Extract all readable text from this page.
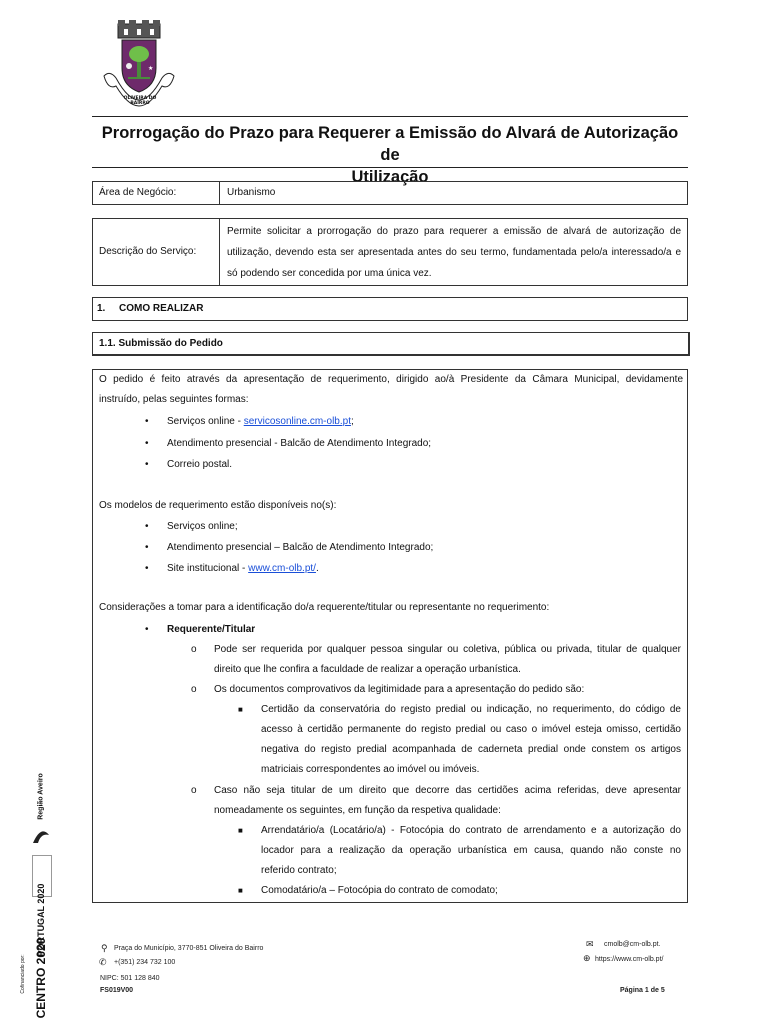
★
OLIVEIRA DO BAIRRO
Prorrogação do Prazo para Requerer a Emissão do Alvará de Autorização de
Utilização
Área de Negócio:	Urbanismo
Descrição do Serviço:
Permite solicitar a prorrogação do prazo para requerer a emissão de alvará de autorização de utilização, devendo esta ser apresentada antes do seu termo, fundamentada pelo/a interessado/a e só podendo ser concedida por uma única vez.
1. COMO REALIZAR
1.1. Submissão do Pedido
O pedido é feito através da apresentação de requerimento, dirigido ao/à Presidente da Câmara Municipal, devidamente
instruído, pelas seguintes formas:
• Serviços online - servicosonline.cm-olb.pt;
• Atendimento presencial - Balcão de Atendimento Integrado;
• Correio postal.
Os modelos de requerimento estão disponíveis no(s):
• Serviços online;
• Atendimento presencial – Balcão de Atendimento Integrado;
• Site institucional - www.cm-olb.pt/.
Considerações a tomar para a identificação do/a requerente/titular ou representante no requerimento:
• Requerente/Titular
o Pode ser requerida por qualquer pessoa singular ou coletiva, pública ou privada, titular de qualquer
direito que lhe confira a faculdade de realizar a operação urbanística.
o Os documentos comprovativos da legitimidade para a apresentação do pedido são:
■ Certidão da conservatória do registo predial ou indicação, no requerimento, do código de
acesso à certidão permanente do registo predial ou caso o imóvel esteja omisso, certidão
negativa do registo predial acompanhada de caderneta predial onde constem os artigos
matriciais correspondentes ao imóvel ou imóveis.
o Caso não seja titular de um direito que decorre das certidões acima referidas, deve apresentar
nomeadamente os seguintes, em função da respetiva qualidade:
■ Arrendatário/a (Locatário/a) - Fotocópia do contrato de arrendamento e a autorização do
locador para a realização da operação urbanística em causa, quando não conste no
referido contrato;
■ Comodatário/a – Fotocópia do contrato de comodato;
Região Aveiro
PORTUGAL 2020
CENTRO 2020
Cofinanciado por:
⚲ Praça do Município, 3770-851 Oliveira do Bairro
✆ +(351) 234 732 100
NIPC: 501 128 840
FS019V00
✉ cmolb@cm-olb.pt.
⊕ https://www.cm-olb.pt/
Página 1 de 5
